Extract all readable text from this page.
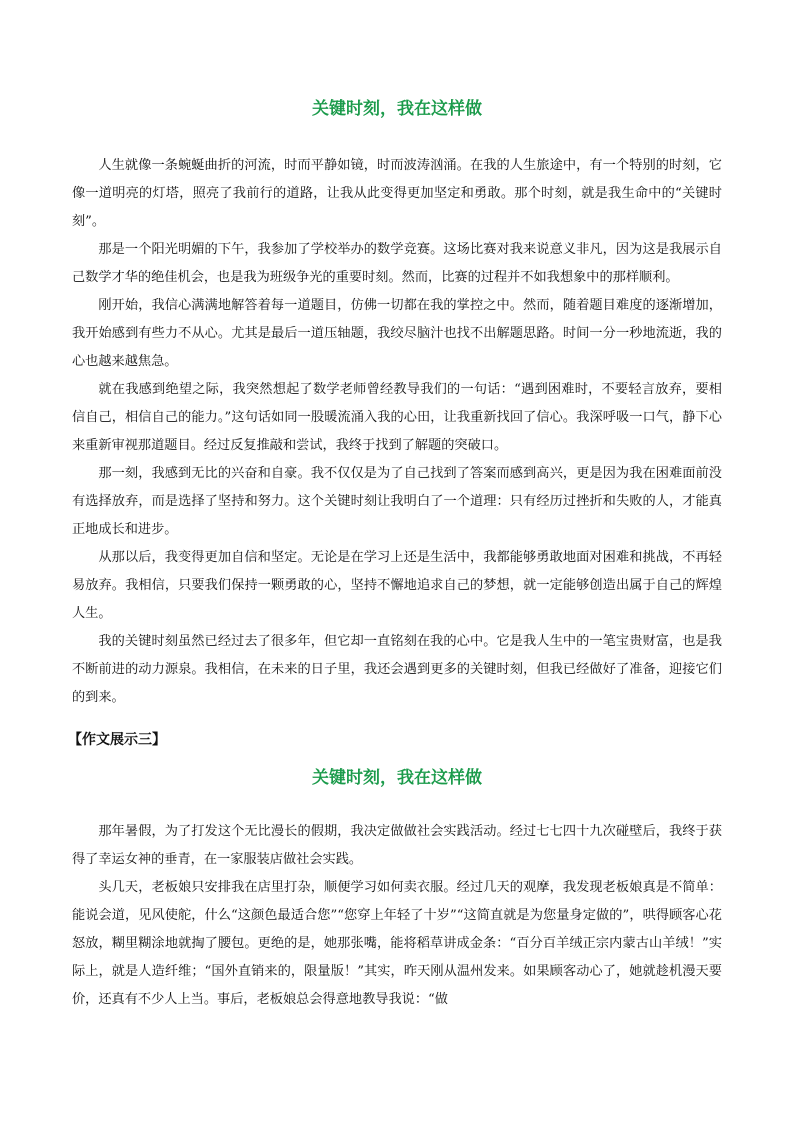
关键时刻，我在这样做

人生就像一条蜿蜒曲折的河流，时而平静如镜，时而波涛汹涌。在我的人生旅途中，有一个特别的时刻，它像一道明亮的灯塔，照亮了我前行的道路，让我从此变得更加坚定和勇敢。那个时刻，就是我生命中的“关键时刻”。

那是一个阳光明媚的下午，我参加了学校举办的数学竞赛。这场比赛对我来说意义非凡，因为这是我展示自己数学才华的绝佳机会，也是我为班级争光的重要时刻。然而，比赛的过程并不如我想象中的那样顺利。

刚开始，我信心满满地解答着每一道题目，仿佛一切都在我的掌控之中。然而，随着题目难度的逐渐增加，我开始感到有些力不从心。尤其是最后一道压轴题，我绞尽脑汁也找不出解题思路。时间一分一秒地流逝，我的心也越来越焦急。

就在我感到绝望之际，我突然想起了数学老师曾经教导我们的一句话：“遇到困难时，不要轻言放弃，要相信自己，相信自己的能力。”这句话如同一股暖流涌入我的心田，让我重新找回了信心。我深呼吸一口气，静下心来重新审视那道题目。经过反复推敲和尝试，我终于找到了解题的突破口。

那一刻，我感到无比的兴奋和自豪。我不仅仅是为了自己找到了答案而感到高兴，更是因为我在困难面前没有选择放弃，而是选择了坚持和努力。这个关键时刻让我明白了一个道理：只有经历过挫折和失败的人，才能真正地成长和进步。

从那以后，我变得更加自信和坚定。无论是在学习上还是生活中，我都能够勇敢地面对困难和挑战，不再轻易放弃。我相信，只要我们保持一颗勇敢的心，坚持不懈地追求自己的梦想，就一定能够创造出属于自己的辉煌人生。

我的关键时刻虽然已经过去了很多年，但它却一直铭刻在我的心中。它是我人生中的一笔宝贵财富，也是我不断前进的动力源泉。我相信，在未来的日子里，我还会遇到更多的关键时刻，但我已经做好了准备，迎接它们的到来。

【作文展示三】

关键时刻，我在这样做

那年暑假，为了打发这个无比漫长的假期，我决定做做社会实践活动。经过七七四十九次碰壁后，我终于获得了幸运女神的垂青，在一家服装店做社会实践。

头几天，老板娘只安排我在店里打杂，顺便学习如何卖衣服。经过几天的观摩，我发现老板娘真是不简单：能说会道，见风使舵，什么“这颜色最适合您”“您穿上年轻了十岁”“这简直就是为您量身定做的”，哄得顾客心花怒放，糊里糊涂地就掏了腰包。更绝的是，她那张嘴，能将稻草讲成金条：“百分百羊绒正宗内蒙古山羊绒！”实际上，就是人造纤维；“国外直销来的，限量版！”其实，昨天刚从温州发来。如果顾客动心了，她就趁机漫天要价，还真有不少人上当。事后，老板娘总会得意地教导我说：“做
